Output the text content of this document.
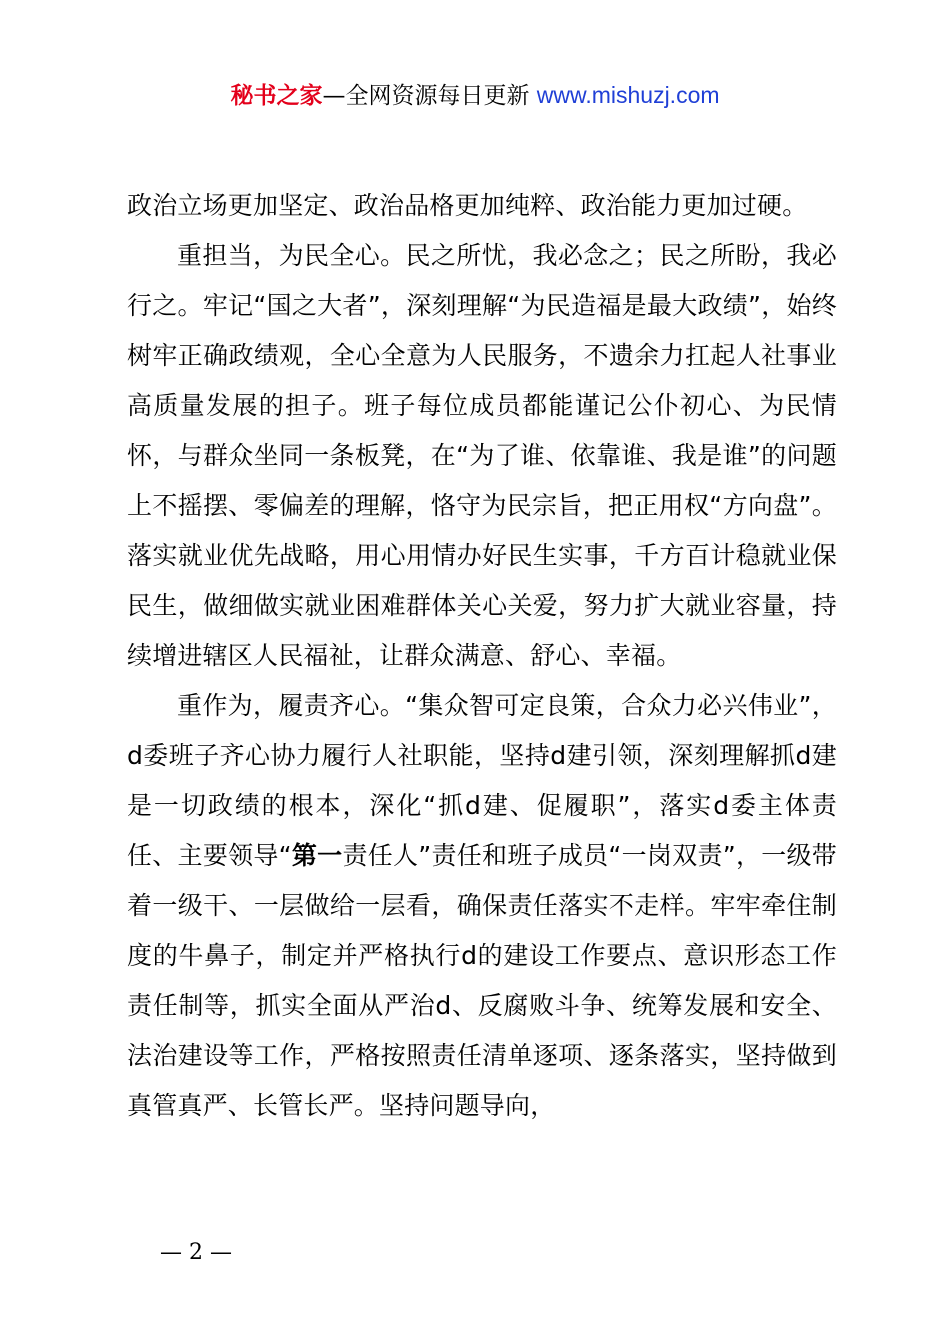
秘书之家—全网资源每日更新 www.mishuzj.com

政治立场更加坚定、政治品格更加纯粹、政治能力更加过硬。

重担当，为民全心。民之所忧，我必念之；民之所盼，我必行之。牢记“国之大者”，深刻理解“为民造福是最大政绩”，始终树牢正确政绩观，全心全意为人民服务，不遗余力扛起人社事业高质量发展的担子。班子每位成员都能谨记公仆初心、为民情怀，与群众坐同一条板凳，在“为了谁、依靠谁、我是谁”的问题上不摇摆、零偏差的理解，恪守为民宗旨，把正用权“方向盘”。落实就业优先战略，用心用情办好民生实事，千方百计稳就业保民生，做细做实就业困难群体关心关爱，努力扩大就业容量，持续增进辖区人民福祉，让群众满意、舒心、幸福。

重作为，履责齐心。“集众智可定良策，合众力必兴伟业”，d委班子齐心协力履行人社职能，坚持d建引领，深刻理解抓d建是一切政绩的根本，深化“抓d建、促履职”，落实d委主体责任、主要领导“第一责任人”责任和班子成员“一岗双责”，一级带着一级干、一层做给一层看，确保责任落实不走样。牢牢牵住制度的牛鼻子，制定并严格执行d的建设工作要点、意识形态工作责任制等，抓实全面从严治d、反腐败斗争、统筹发展和安全、法治建设等工作，严格按照责任清单逐项、逐条落实，坚持做到真管真严、长管长严。坚持问题导向，

— 2 —
